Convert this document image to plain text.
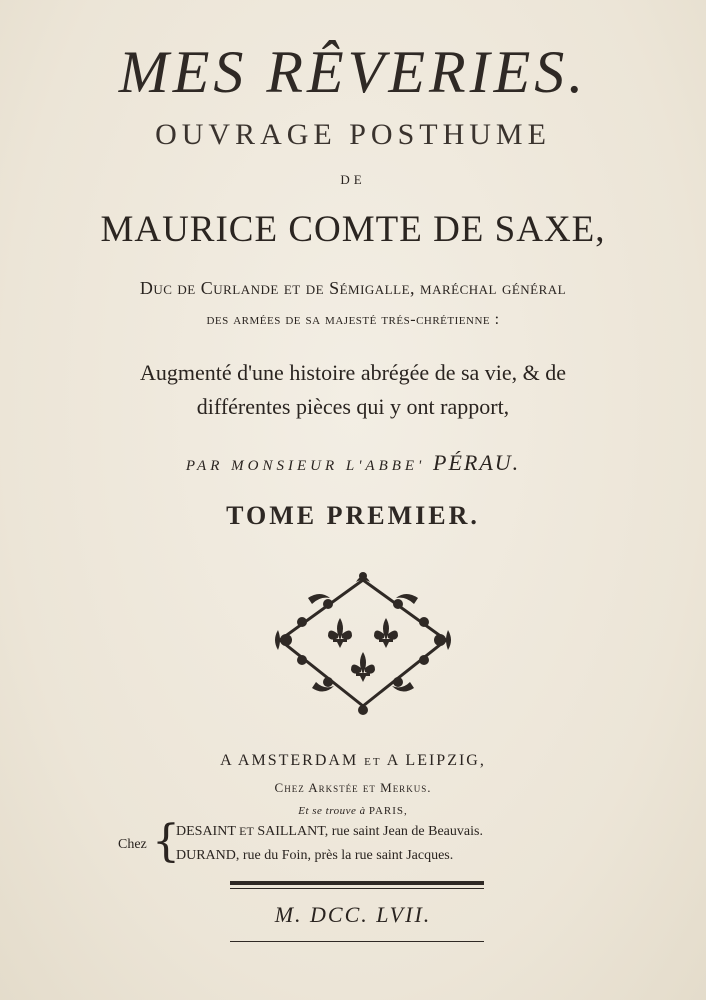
MES RÊVERIES.
OUVRAGE POSTHUME
DE
MAURICE COMTE DE SAXE,
Duc de Curlande et de Sémigalle, maréchal général
des armées de sa majesté trés-chrétienne :
Augmenté d'une histoire abrégée de sa vie, & de
différentes pièces qui y ont rapport,
PAR MONSIEUR L'ABBE' PÉRAU.
TOME PREMIER.
A AMSTERDAM ET A LEIPZIG,
Chez Arkstée et Merkus.
Et se trouve à PARIS,
Chez {
DESAINT ET SAILLANT, rue saint Jean de Beauvais.
DURAND, rue du Foin, près la rue saint Jacques.
M. DCC. LVII.
